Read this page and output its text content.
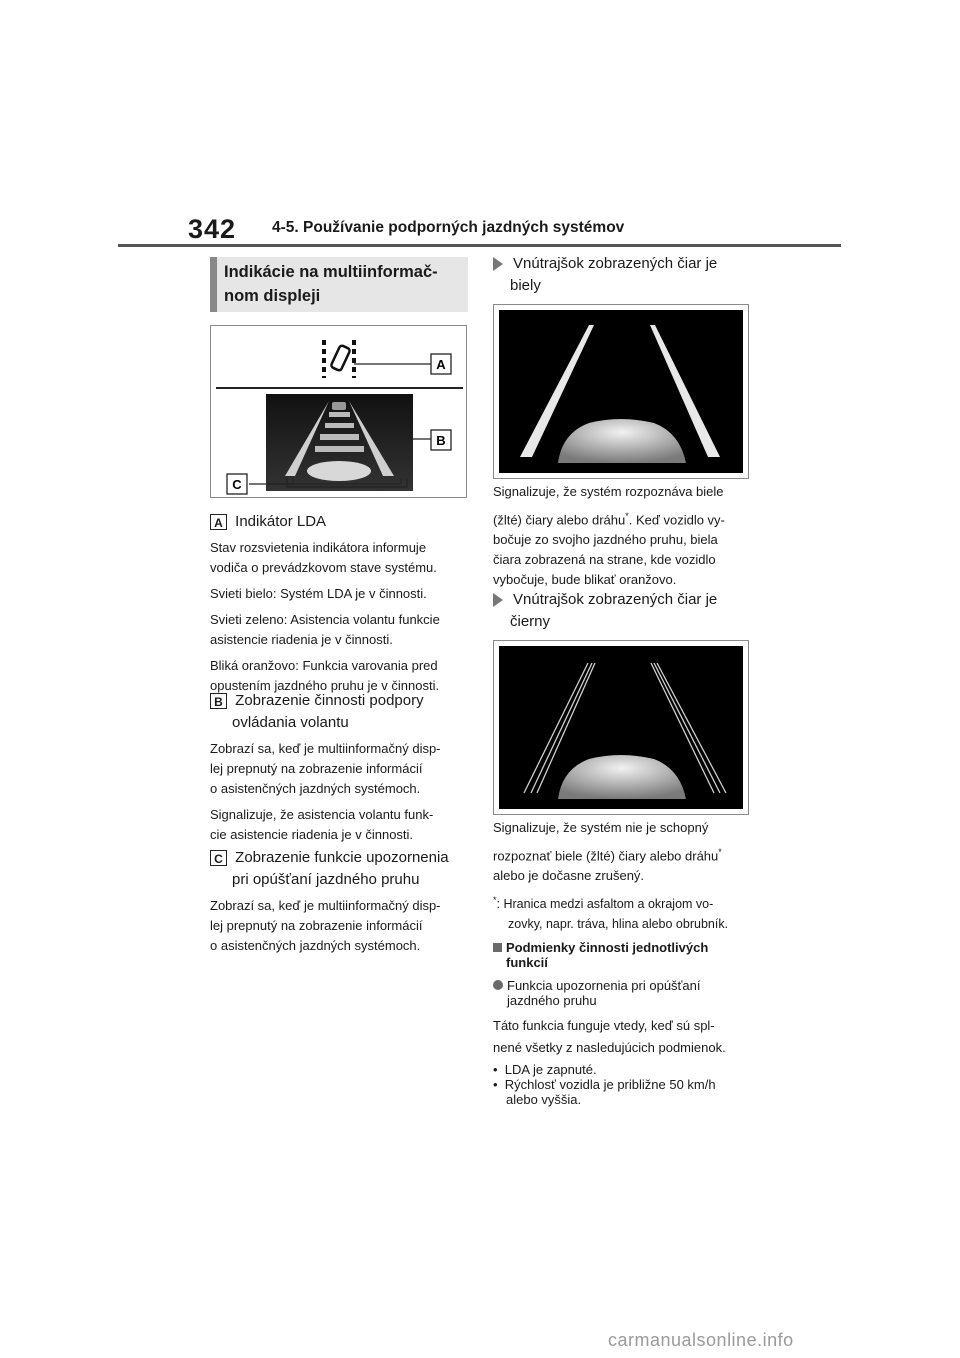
342 4-5. Používanie podporných jazdných systémov
Indikácie na multiinformač-
nom displeji
A
B
C
A Indikátor LDA

Stav rozsvietenia indikátora informuje

vodiča o prevádzkovom stave systému.

Svieti bielo: Systém LDA je v činnosti.

Svieti zeleno: Asistencia volantu funkcie

asistencie riadenia je v činnosti.

Bliká oranžovo: Funkcia varovania pred

opustením jazdného pruhu je v činnosti.

B Zobrazenie činnosti podpory
ovládania volantu

Zobrazí sa, keď je multiinformačný disp-

lej prepnutý na zobrazenie informácií

o asistenčných jazdných systémoch.

Signalizuje, že asistencia volantu funk-

cie asistencie riadenia je v činnosti.

C Zobrazenie funkcie upozornenia
pri opúšťaní jazdného pruhu

Zobrazí sa, keď je multiinformačný disp-

lej prepnutý na zobrazenie informácií

o asistenčných jazdných systémoch.

Vnútrajšok zobrazených čiar je
biely

Signalizuje, že systém rozpoznáva biele

(žlté) čiary alebo dráhu*. Keď vozidlo vy-

bočuje zo svojho jazdného pruhu, biela

čiara zobrazená na strane, kde vozidlo

vybočuje, bude blikať oranžovo.

Vnútrajšok zobrazených čiar je
čierny

Signalizuje, že systém nie je schopný

rozpoznať biele (žlté) čiary alebo dráhu*

alebo je dočasne zrušený.

*: Hranica medzi asfaltom a okrajom vo-

zovky, napr. tráva, hlina alebo obrubník.

Podmienky činnosti jednotlivých
funkcií
Funkcia upozornenia pri opúšťaní
jazdného pruhu

Táto funkcia funguje vtedy, keď sú spl-

nené všetky z nasledujúcich podmienok.

•  LDA je zapnuté.
•  Rýchlosť vozidla je približne 50 km/h
alebo vyššia.
carmanualsonline.info
